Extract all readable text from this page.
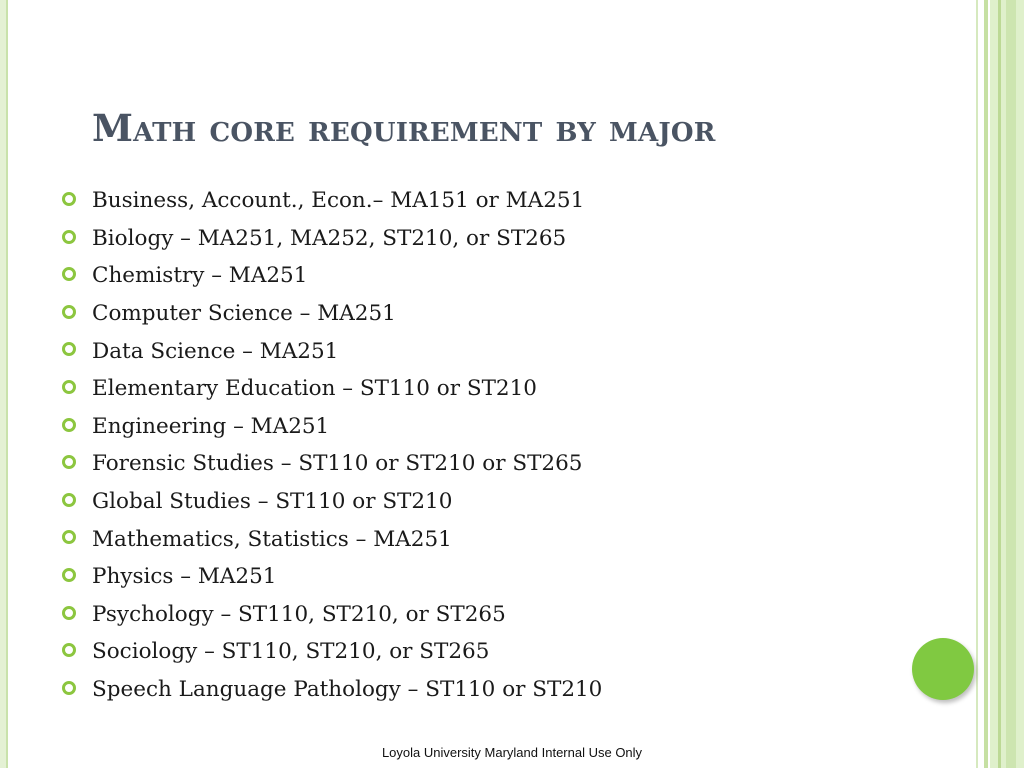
Math core requirement by major
Business, Account., Econ.– MA151 or MA251
Biology – MA251, MA252, ST210, or ST265
Chemistry – MA251
Computer Science – MA251
Data Science – MA251
Elementary Education – ST110 or ST210
Engineering – MA251
Forensic Studies – ST110 or ST210 or ST265
Global Studies – ST110 or ST210
Mathematics, Statistics – MA251
Physics – MA251
Psychology – ST110, ST210, or ST265
Sociology – ST110, ST210, or ST265
Speech Language Pathology – ST110 or ST210
Loyola University Maryland Internal Use Only
